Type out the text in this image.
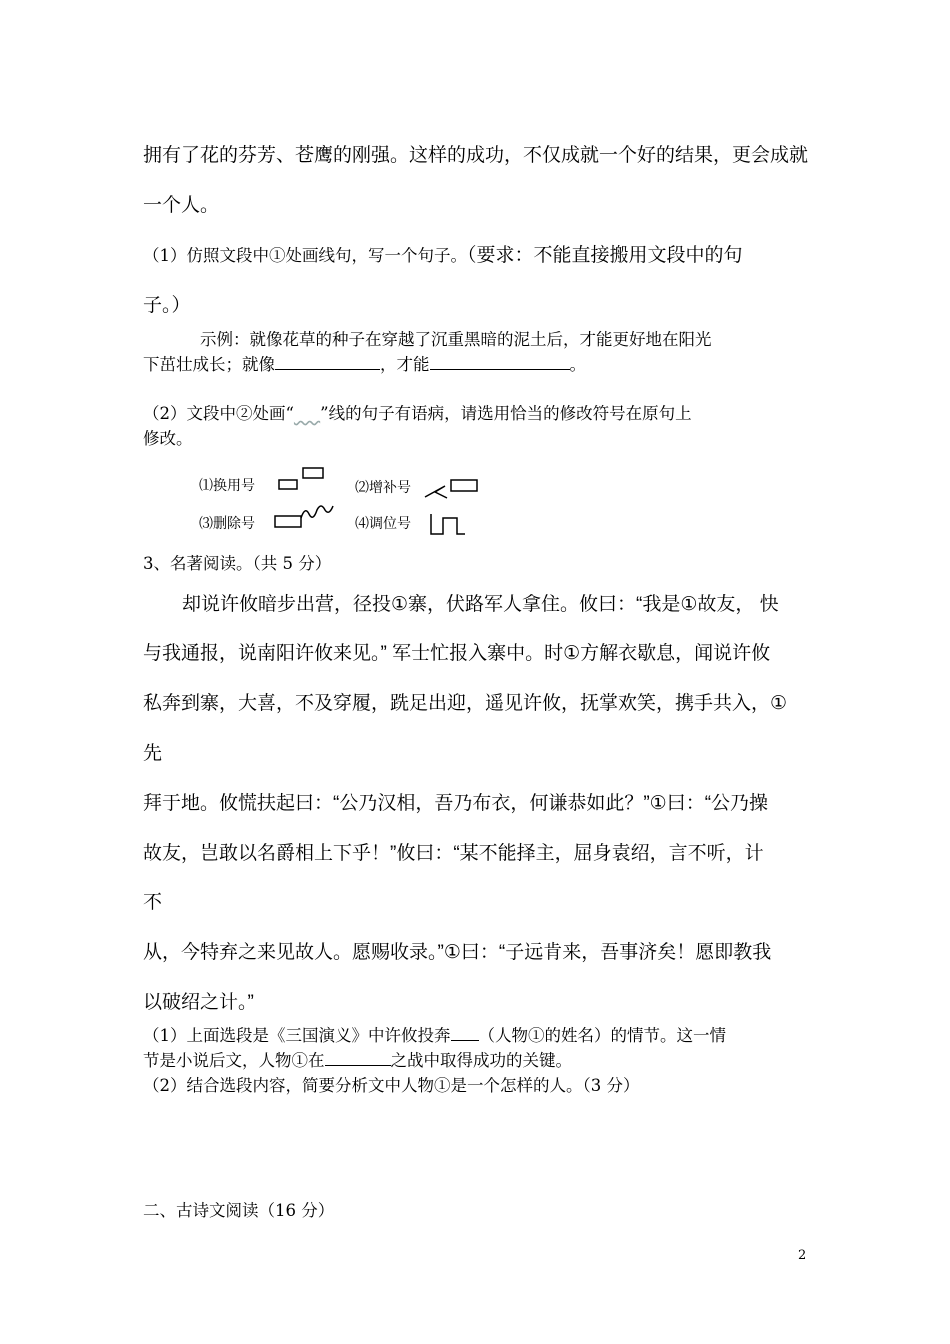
拥有了花的芬芳、苍鹰的刚强。这样的成功，不仅成就一个好的结果，更会成就
一个人。
（1）仿照文段中①处画线句，写一个句子。（要求：不能直接搬用文段中的句
子。）
示例：就像花草的种子在穿越了沉重黑暗的泥土后，才能更好地在阳光
下茁壮成长；就像	，才能	。
（2）文段中②处画“ ”线的句子有语病，请选用恰当的修改符号在原句上
修改。
⑴换用号	⑵增补号
⑶删除号	⑷调位号
3、名著阅读。（共 5 分）
却说许攸暗步出营，径投①寨，伏路军人拿住。攸曰：“我是①故友， 快
与我通报，说南阳许攸来见。” 军士忙报入寨中。时①方解衣歇息，闻说许攸
私奔到寨，大喜，不及穿履，跣足出迎，遥见许攸，抚掌欢笑，携手共入，①
先
拜于地。攸慌扶起曰：“公乃汉相，吾乃布衣，何谦恭如此？”①曰：“公乃操
故友，岂敢以名爵相上下乎！”攸曰：“某不能择主，屈身袁绍，言不听，计
不
从，今特弃之来见故人。愿赐收录。”①曰：“子远肯来，吾事济矣！愿即教我
以破绍之计。”
（1）上面选段是《三国演义》中许攸投奔 （人物①的姓名）的情节。这一情
节是小说后文，人物①在	之战中取得成功的关键。
（2）结合选段内容，简要分析文中人物①是一个怎样的人。（3 分）
二、古诗文阅读（16 分）
2
